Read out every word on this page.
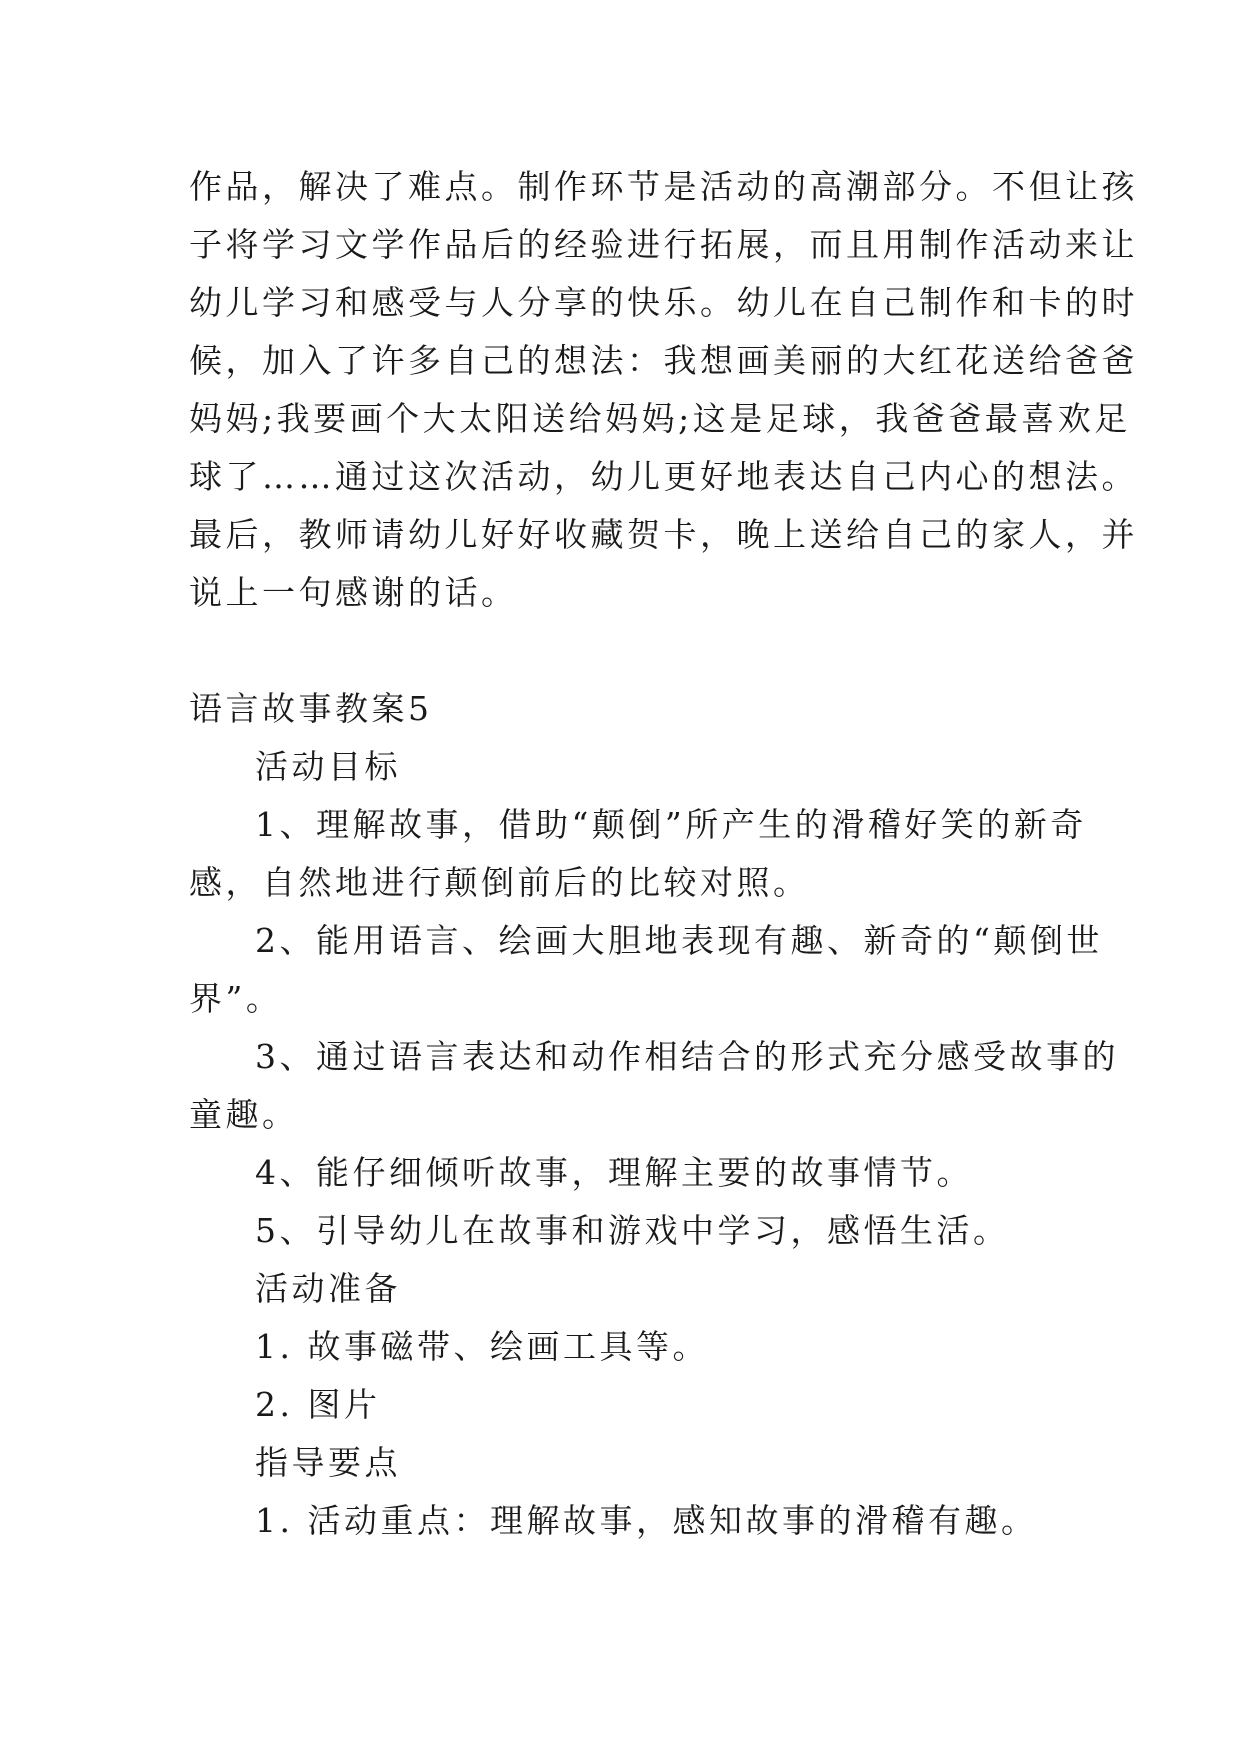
作品，解决了难点。制作环节是活动的高潮部分。不但让孩

子将学习文学作品后的经验进行拓展，而且用制作活动来让

幼儿学习和感受与人分享的快乐。幼儿在自己制作和卡的时

候，加入了许多自己的想法：我想画美丽的大红花送给爸爸

妈妈;我要画个大太阳送给妈妈;这是足球，我爸爸最喜欢足

球了……通过这次活动，幼儿更好地表达自己内心的想法。

最后，教师请幼儿好好收藏贺卡，晚上送给自己的家人，并

说上一句感谢的话。

语言故事教案5

活动目标

1、理解故事，借助“颠倒”所产生的滑稽好笑的新奇

感，自然地进行颠倒前后的比较对照。

2、能用语言、绘画大胆地表现有趣、新奇的“颠倒世

界”。

3、通过语言表达和动作相结合的形式充分感受故事的

童趣。

4、能仔细倾听故事，理解主要的故事情节。

5、引导幼儿在故事和游戏中学习，感悟生活。

活动准备

1. 故事磁带、绘画工具等。

2. 图片

指导要点

1. 活动重点：理解故事，感知故事的滑稽有趣。
